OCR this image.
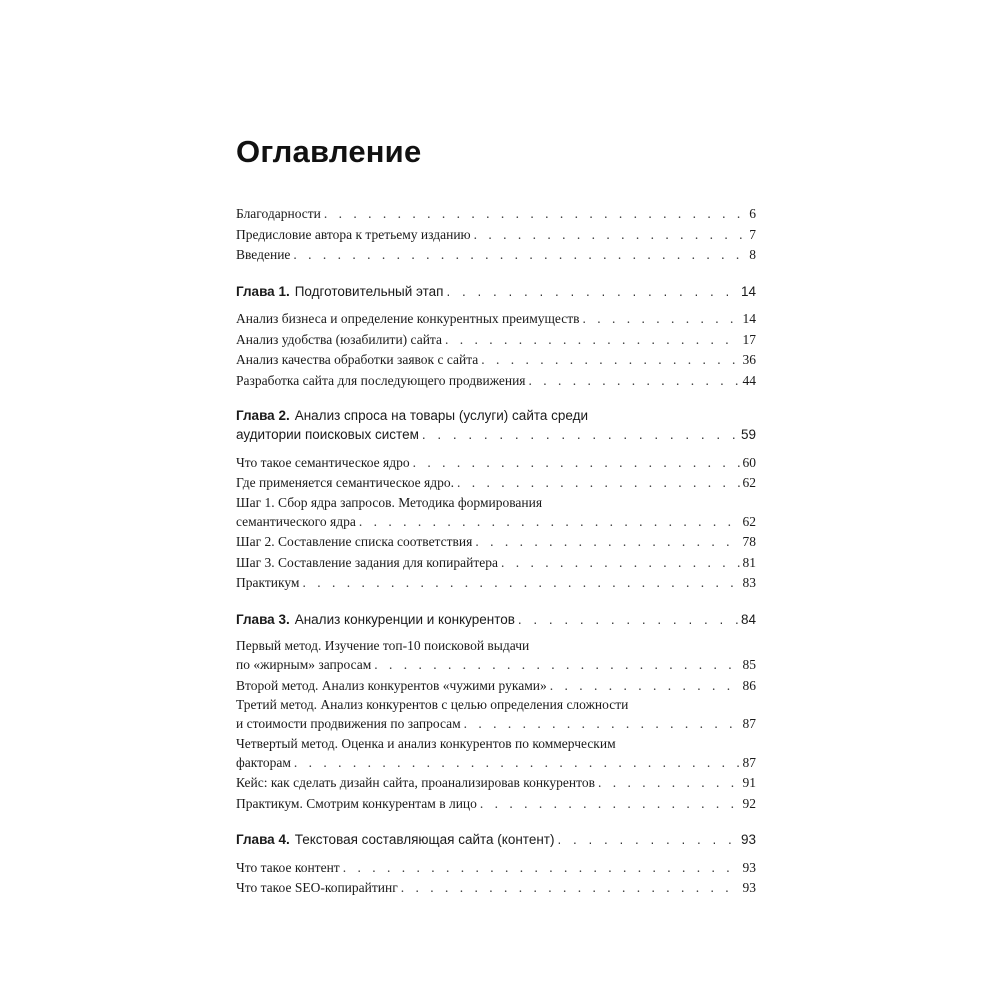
Оглавление
Благодарности . . .	6
Предисловие автора к третьему изданию . . .	7
Введение . . .	8
Глава 1. Подготовительный этап . . .	14
Анализ бизнеса и определение конкурентных преимуществ . . .	14
Анализ удобства (юзабилити) сайта . . .	17
Анализ качества обработки заявок с сайта . . .	36
Разработка сайта для последующего продвижения . . .	44
Глава 2. Анализ спроса на товары (услуги) сайта среди
аудитории поисковых систем . . .	59
Что такое семантическое ядро . . .	60
Где применяется семантическое ядро. . . .	62
Шаг 1. Сбор ядра запросов. Методика формирования
семантического ядра . . .	62
Шаг 2. Составление списка соответствия . . .	78
Шаг 3. Составление задания для копирайтера . . .	81
Практикум . . .	83
Глава 3. Анализ конкуренции и конкурентов . . .	84
Первый метод. Изучение топ-10 поисковой выдачи
по «жирным» запросам . . .	85
Второй метод. Анализ конкурентов «чужими руками» . . .	86
Третий метод. Анализ конкурентов с целью определения сложности
и стоимости продвижения по запросам . . .	87
Четвертый метод. Оценка и анализ конкурентов по коммерческим
факторам . . .	87
Кейс: как сделать дизайн сайта, проанализировав конкурентов . . .	91
Практикум. Смотрим конкурентам в лицо . . .	92
Глава 4. Текстовая составляющая сайта (контент) . . .	93
Что такое контент . . .	93
Что такое SEO-копирайтинг . . .	93
